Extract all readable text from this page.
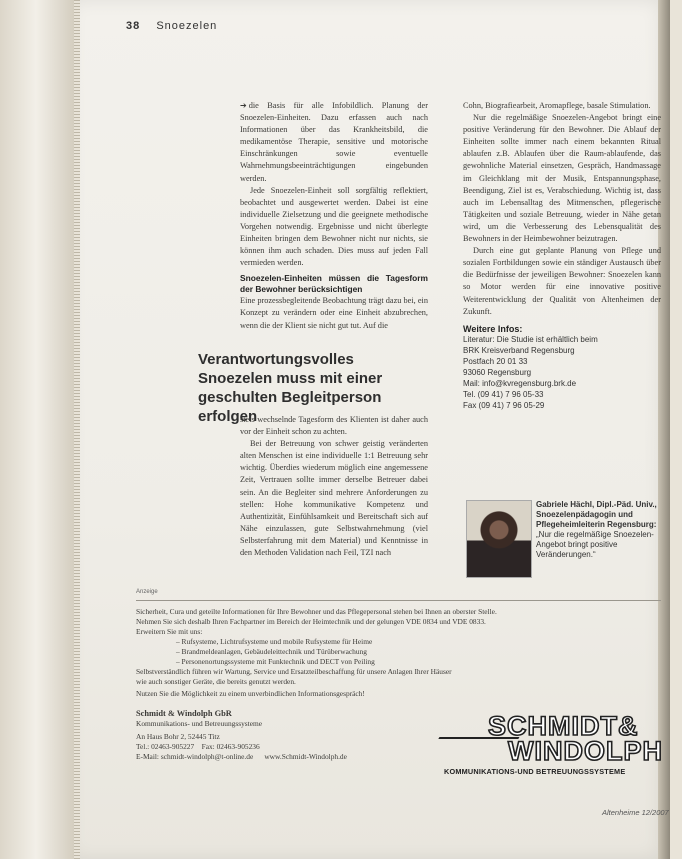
38 Snoezelen

➔ die Basis für alle Infobildlich. Planung der Snoezelen-Einheiten. Dazu erfassen auch nach Informationen über das Krankheitsbild, die medikamentöse Therapie, sensitive und motorische Einschränkungen sowie eventuelle Wahrnehmungsbeeinträchtigungen eingebunden werden.

Jede Snoezelen-Einheit soll sorgfältig reflektiert, beobachtet und ausgewertet werden. Dabei ist eine individuelle Zielsetzung und die geeignete methodische Vorgehen notwendig. Ergebnisse und nicht überlegte Einheiten bringen dem Bewohner nicht nur nichts, sie können ihm auch schaden. Dies muss auf jeden Fall vermieden werden.

Snoezelen-Einheiten müssen die Tagesform der Bewohner berücksichtigen

Eine prozessbegleitende Beobachtung trägt dazu bei, ein Konzept zu verändern oder eine Einheit abzubrechen, wenn die der Klient sie nicht gut tut. Auf die

Verantwortungsvolles Snoezelen muss mit einer geschulten Begleitperson erfolgen

stets wechselnde Tagesform des Klienten ist daher auch vor der Einheit schon zu achten.

Bei der Betreuung von schwer geistig veränderten alten Menschen ist eine individuelle 1:1 Betreuung sehr wichtig. Überdies wiederum möglich eine angemessene Zeit, Vertrauen sollte immer derselbe Betreuer dabei sein. An die Begleiter sind mehrere Anforderungen zu stellen: Hohe kommunikative Kompetenz und Authentizität, Einfühlsamkeit und Bereitschaft sich auf Nähe einzulassen, gute Selbstwahrnehmung (viel Selbsterfahrung mit dem Material) und Kenntnisse in den Methoden Validation nach Feil, TZI nach

Cohn, Biografiearbeit, Aromapflege, basale Stimulation.

Nur die regelmäßige Snoezelen-Angebot bringt eine positive Veränderung für den Bewohner. Die Ablauf der Einheiten sollte immer nach einem bekannten Ritual ablaufen z.B. Ablaufen über die Raum-ablaufende, das gewohnliche Material einsetzen, Gespräch, Handmassage im Gleichklang mit der Musik, Entspannungsphase, Beendigung, Ziel ist es, Verabschiedung. Wichtig ist, dass auch im Lebensalltag des Mitmenschen, pflegerische Tätigkeiten und soziale Betreuung, wieder in Nähe getan wird, um die Verbesserung des Lebensqualität des Bewohners in der Heimbewohner beizutragen.

Durch eine gut geplante Planung von Pflege und sozialen Fortbildungen sowie ein ständiger Austausch über die Bedürfnisse der jeweiligen Bewohner: Snoezelen kann so Motor werden für eine innovative positive Weiterentwicklung der Qualität von Altenheimen der Zukunft.

Weitere Infos:
Literatur: Die Studie ist erhältlich beim
BRK Kreisverband Regensburg
Postfach 20 01 33
93060 Regensburg
Mail: info@kvregensburg.brk.de
Tel. (09 41) 7 96 05-33
Fax (09 41) 7 96 05-29
Gabriele Hächl, Dipl.-Päd. Univ., Snoezelenpädagogin und Pflegeheimleiterin Regensburg:
„Nur die regelmäßige Snoezelen-Angebot bringt positive Veränderungen.“
Anzeige

Sicherheit, Cura und geteilte Informationen für Ihre Bewohner und das Pflegepersonal stehen bei Ihnen an oberster Stelle.

Nehmen Sie sich deshalb Ihren Fachpartner im Bereich der Heimtechnik und der gelungen VDE 0834 und VDE 0833.

Erweitern Sie mit uns:

– Rufsysteme, Lichtrufsysteme und mobile Rufsysteme für Heime

– Brandmeldeanlagen, Gebäudeleittechnik und Türüberwachung

– Personenortungssysteme mit Funktechnik und DECT von Peiling

Selbstverständlich führen wir Wartung, Service und Ersatzteilbeschaffung für unsere Anlagen Ihrer Häuser

wie auch sonstiger Geräte, die bereits genutzt werden.

Nutzen Sie die Möglichkeit zu einem unverbindlichen Informationsgespräch!

Schmidt & Windolph GbR

Kommunikations- und Betreuungssysteme

An Haus Bohr 2, 52445 Titz

Tel.: 02463-905227 Fax: 02463-905236

E-Mail: schmidt-windolph@t-online.de www.Schmidt-Windolph.de

SCHMIDT&
WINDOLPH
KOMMUNIKATIONS-UND BETREUUNGSSYSTEME
Altenheime 12/2007
